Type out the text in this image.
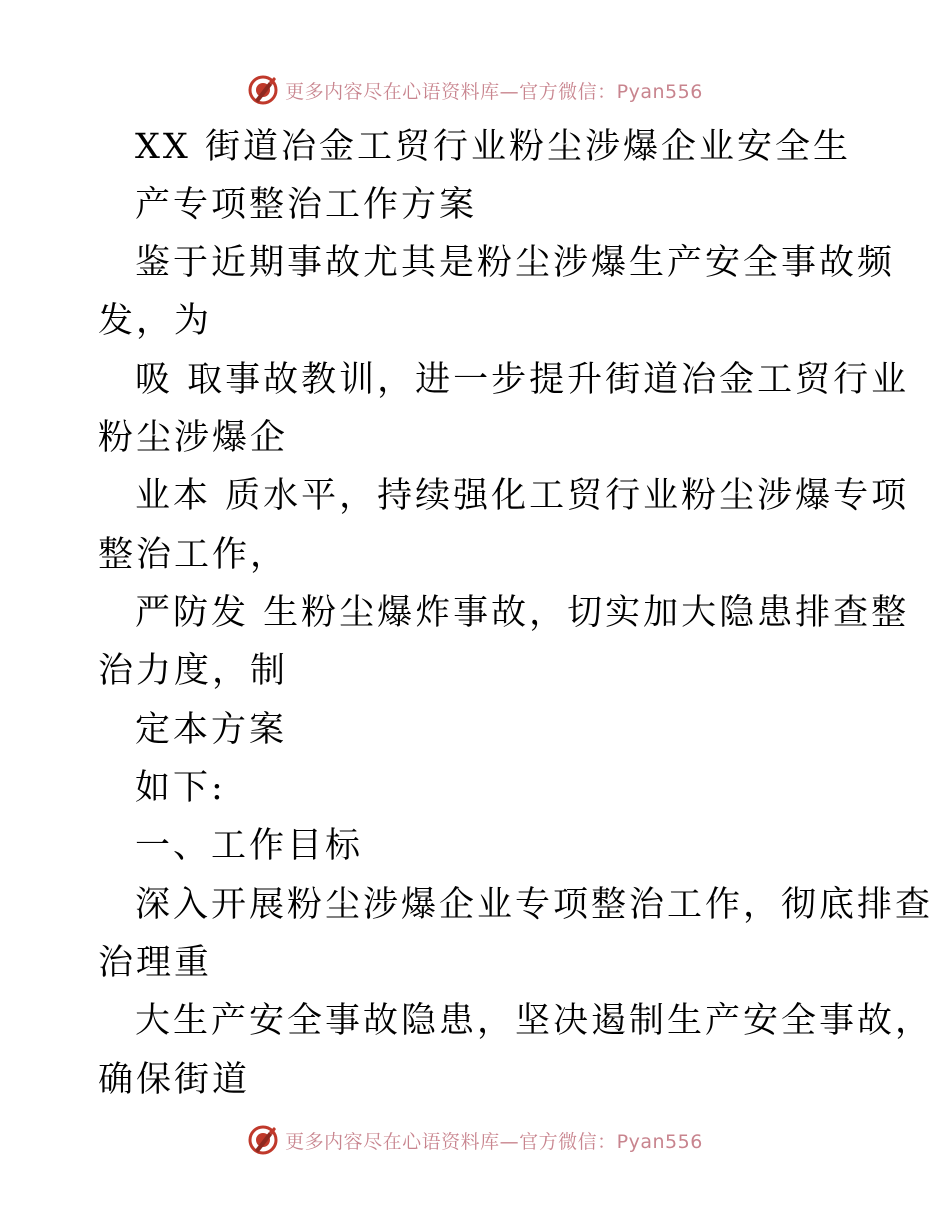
更多内容尽在心语资料库—官方微信：Pyan556
XX 街道冶金工贸行业粉尘涉爆企业安全生
产专项整治工作方案
鉴于近期事故尤其是粉尘涉爆生产安全事故频
发，为
吸 取事故教训，进一步提升街道冶金工贸行业
粉尘涉爆企
业本 质水平，持续强化工贸行业粉尘涉爆专项
整治工作，
严防发 生粉尘爆炸事故，切实加大隐患排查整
治力度，制
定本方案
如下:
一、工作目标
深入开展粉尘涉爆企业专项整治工作，彻底排查
治理重
大生产安全事故隐患，坚决遏制生产安全事故，
确保街道
更多内容尽在心语资料库—官方微信：Pyan556
